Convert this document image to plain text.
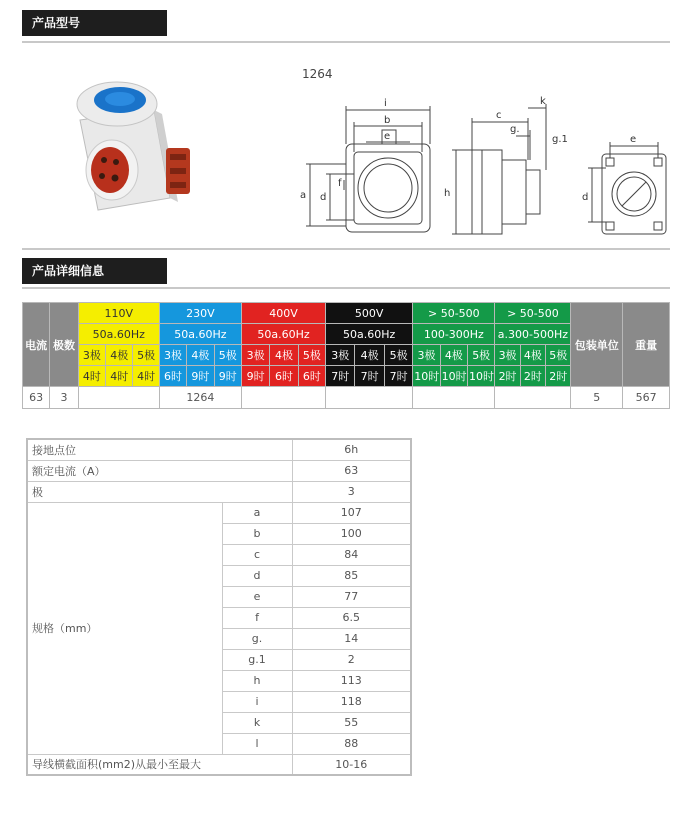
产品型号
1264
i
b
e
f
a d
c
g.
k
g.1
h
e
d
产品详细信息
电流	极数	110V			230V			400V			500V			> 50-500			> 50-500			包装单位	重量
		50a.60Hz			50a.60Hz			50a.60Hz			50a.60Hz			100-300Hz			a.300-500Hz				
		3极	4极	5极	3极	4极	5极	3极	4极	5极	3极	4极	5极	3极	4极	5极	3极	4极	5极		
		4时	4时	4时	6时	9时	9时	9时	6时	6时	7时	7时	7时	10时	10时	10时	2时	2时	2时		
63	3				1264															5	567
接地点位		6h
额定电流（A）		63
极		3
规格（mm）	a	107
	b	100
	c	84
	d	85
	e	77
	f	6.5
	g.	14
	g.1	2
	h	113
	i	118
	k	55
	l	88
导线横截面积(mm2)从最小至最大		10-16
